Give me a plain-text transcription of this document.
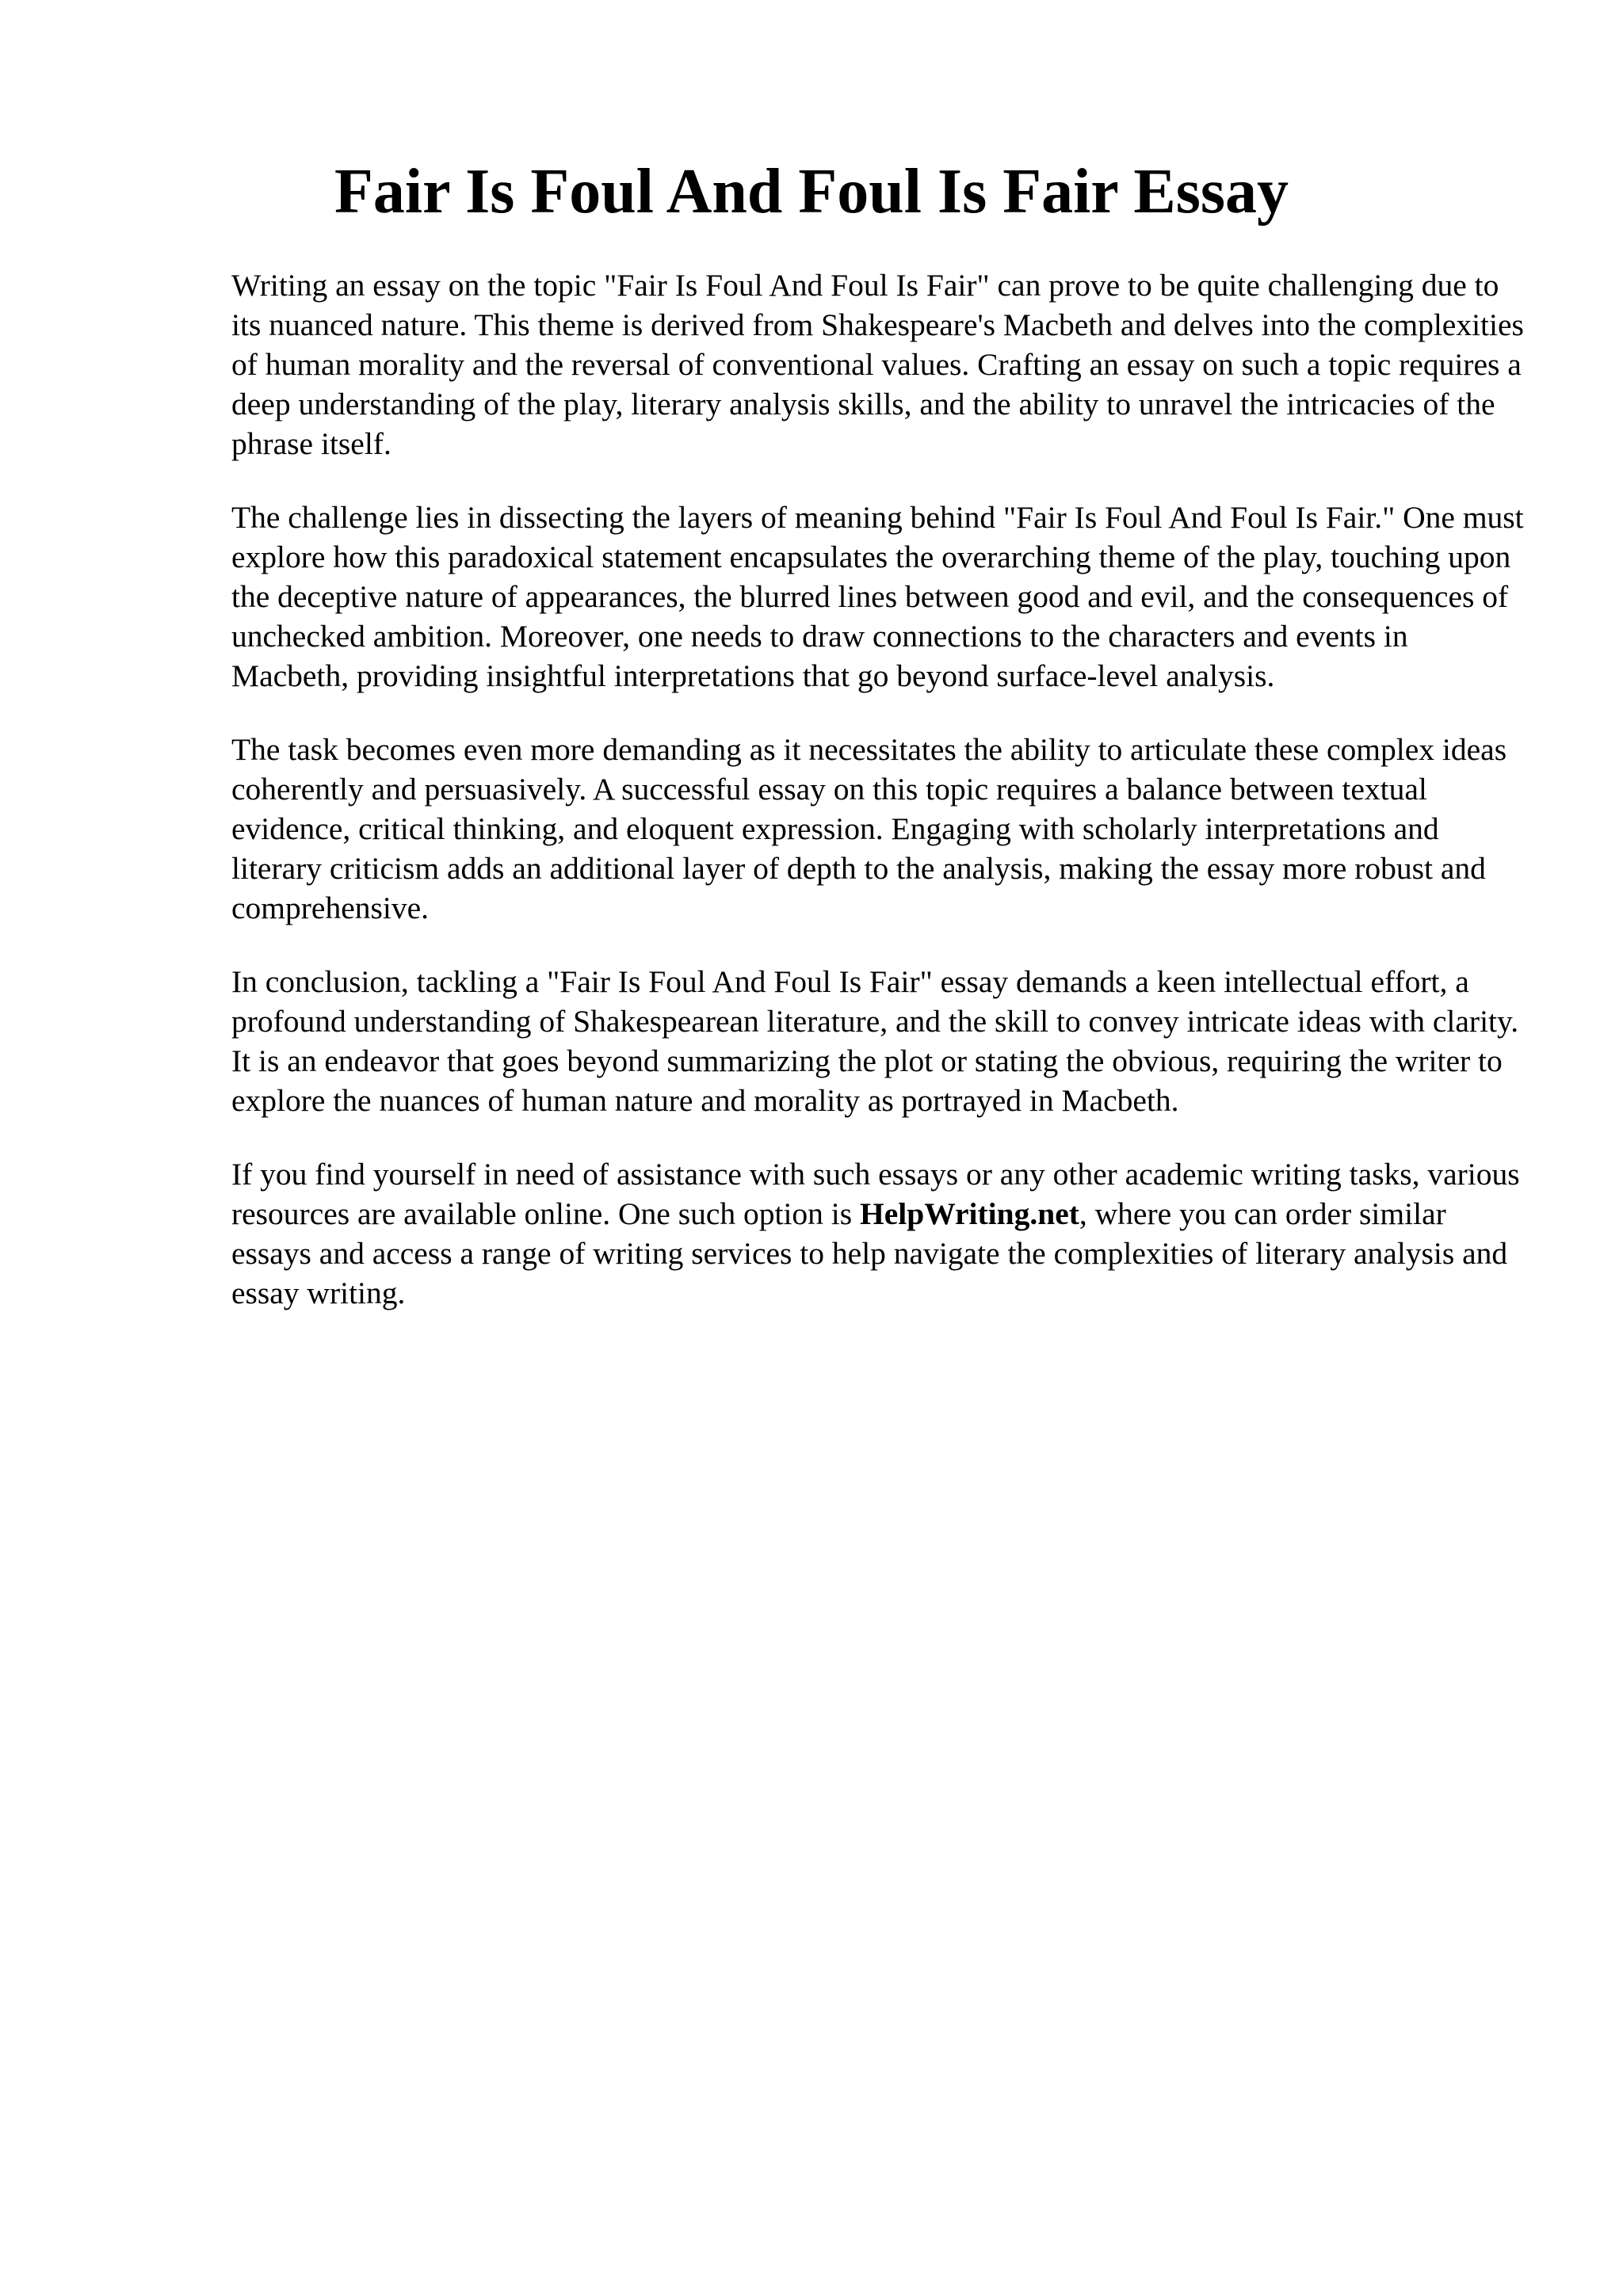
Fair Is Foul And Foul Is Fair Essay

Writing an essay on the topic "Fair Is Foul And Foul Is Fair" can prove to be quite challenging due to its nuanced nature. This theme is derived from Shakespeare's Macbeth and delves into the complexities of human morality and the reversal of conventional values. Crafting an essay on such a topic requires a deep understanding of the play, literary analysis skills, and the ability to unravel the intricacies of the phrase itself.

The challenge lies in dissecting the layers of meaning behind "Fair Is Foul And Foul Is Fair." One must explore how this paradoxical statement encapsulates the overarching theme of the play, touching upon the deceptive nature of appearances, the blurred lines between good and evil, and the consequences of unchecked ambition. Moreover, one needs to draw connections to the characters and events in Macbeth, providing insightful interpretations that go beyond surface-level analysis.

The task becomes even more demanding as it necessitates the ability to articulate these complex ideas coherently and persuasively. A successful essay on this topic requires a balance between textual evidence, critical thinking, and eloquent expression. Engaging with scholarly interpretations and literary criticism adds an additional layer of depth to the analysis, making the essay more robust and comprehensive.

In conclusion, tackling a "Fair Is Foul And Foul Is Fair" essay demands a keen intellectual effort, a profound understanding of Shakespearean literature, and the skill to convey intricate ideas with clarity. It is an endeavor that goes beyond summarizing the plot or stating the obvious, requiring the writer to explore the nuances of human nature and morality as portrayed in Macbeth.

If you find yourself in need of assistance with such essays or any other academic writing tasks, various resources are available online. One such option is HelpWriting.net, where you can order similar essays and access a range of writing services to help navigate the complexities of literary analysis and essay writing.
